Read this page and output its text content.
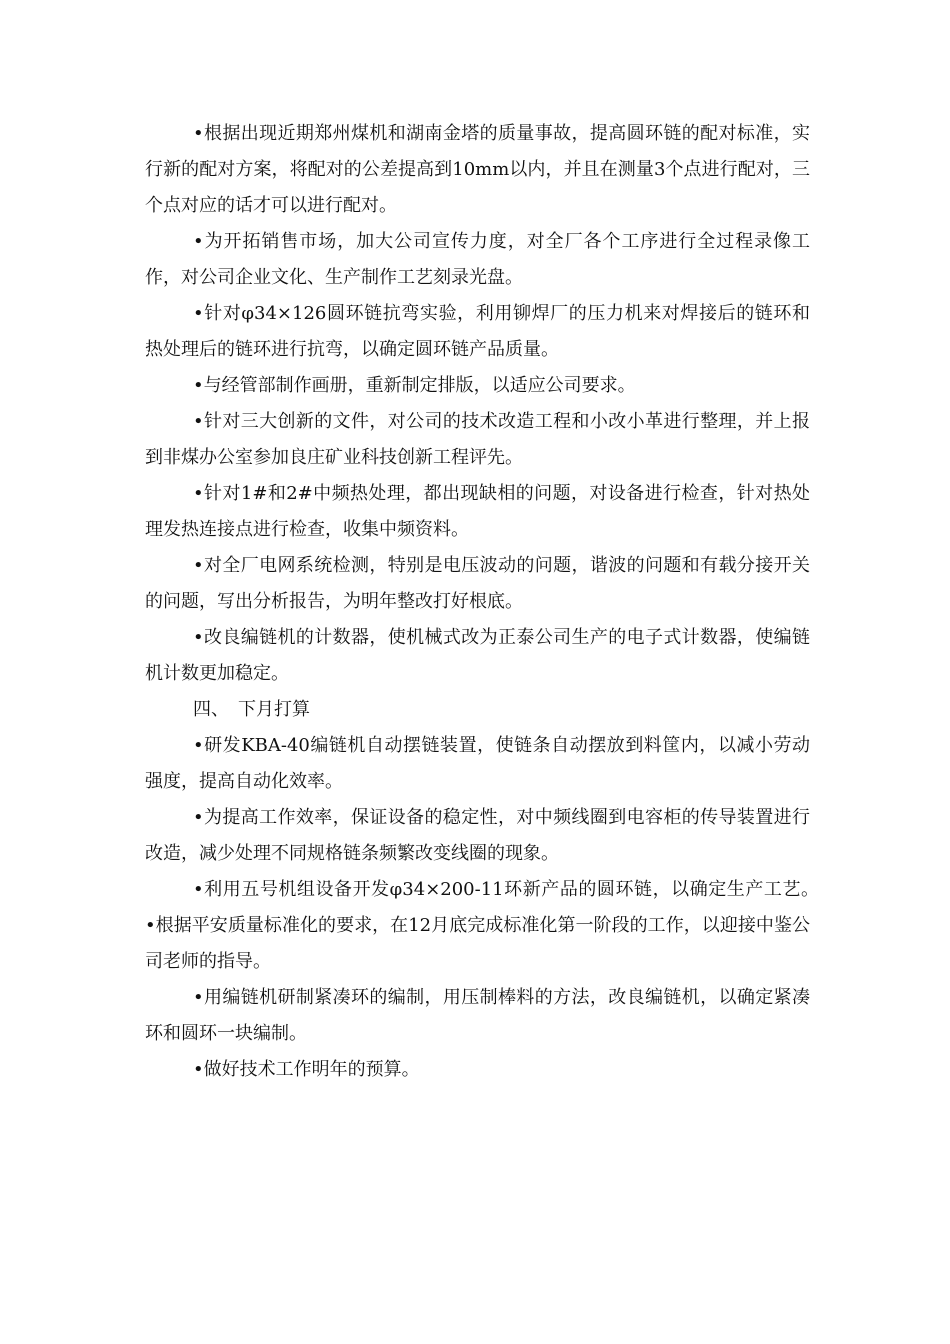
•根据出现近期郑州煤机和湖南金塔的质量事故，提高圆环链的配对标准，实行新的配对方案，将配对的公差提高到10mm以内，并且在测量3个点进行配对，三个点对应的话才可以进行配对。

•为开拓销售市场，加大公司宣传力度，对全厂各个工序进行全过程录像工作，对公司企业文化、生产制作工艺刻录光盘。

•针对φ34×126圆环链抗弯实验，利用铆焊厂的压力机来对焊接后的链环和热处理后的链环进行抗弯，以确定圆环链产品质量。

•与经管部制作画册，重新制定排版，以适应公司要求。

•针对三大创新的文件，对公司的技术改造工程和小改小革进行整理，并上报到非煤办公室参加良庄矿业科技创新工程评先。

•针对1#和2#中频热处理，都出现缺相的问题，对设备进行检查，针对热处理发热连接点进行检查，收集中频资料。

•对全厂电网系统检测，特别是电压波动的问题，谐波的问题和有载分接开关的问题，写出分析报告，为明年整改打好根底。

•改良编链机的计数器，使机械式改为正泰公司生产的电子式计数器，使编链机计数更加稳定。

四、　下月打算

•研发KBA-40编链机自动摆链装置，使链条自动摆放到料筐内，以减小劳动强度，提高自动化效率。

•为提高工作效率，保证设备的稳定性，对中频线圈到电容柜的传导装置进行改造，减少处理不同规格链条频繁改变线圈的现象。

•利用五号机组设备开发φ34×200-11环新产品的圆环链，以确定生产工艺。　•根据平安质量标准化的要求，在12月底完成标准化第一阶段的工作，以迎接中鉴公司老师的指导。

•用编链机研制紧凑环的编制，用压制棒料的方法，改良编链机，以确定紧凑环和圆环一块编制。

•做好技术工作明年的预算。
